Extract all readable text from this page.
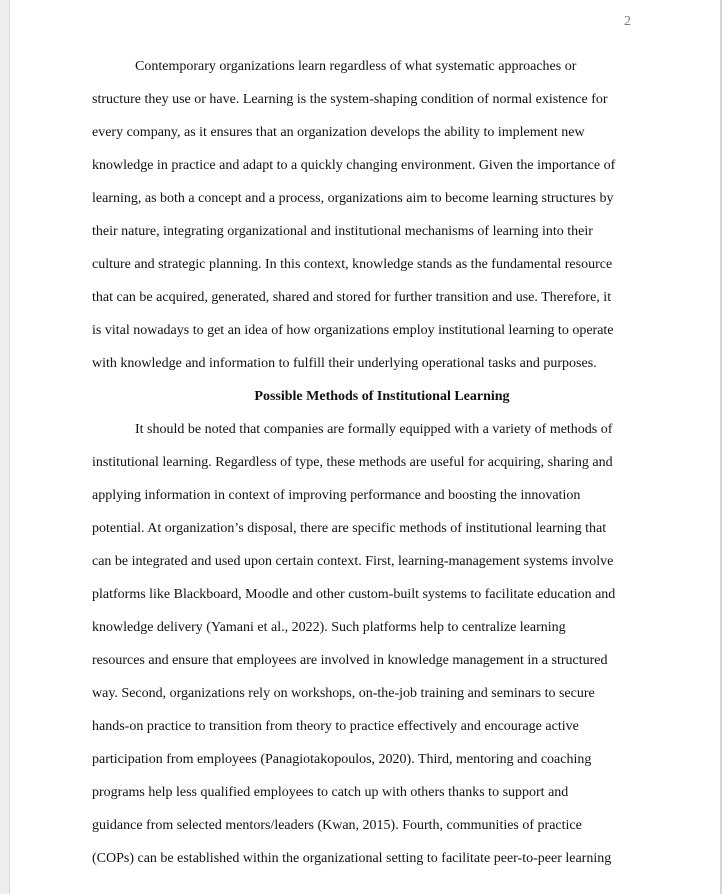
2
Contemporary organizations learn regardless of what systematic approaches or
structure they use or have. Learning is the system-shaping condition of normal existence for
every company, as it ensures that an organization develops the ability to implement new
knowledge in practice and adapt to a quickly changing environment. Given the importance of
learning, as both a concept and a process, organizations aim to become learning structures by
their nature, integrating organizational and institutional mechanisms of learning into their
culture and strategic planning. In this context, knowledge stands as the fundamental resource
that can be acquired, generated, shared and stored for further transition and use. Therefore, it
is vital nowadays to get an idea of how organizations employ institutional learning to operate
with knowledge and information to fulfill their underlying operational tasks and purposes.
Possible Methods of Institutional Learning
It should be noted that companies are formally equipped with a variety of methods of
institutional learning. Regardless of type, these methods are useful for acquiring, sharing and
applying information in context of improving performance and boosting the innovation
potential. At organization’s disposal, there are specific methods of institutional learning that
can be integrated and used upon certain context. First, learning-management systems involve
platforms like Blackboard, Moodle and other custom-built systems to facilitate education and
knowledge delivery (Yamani et al., 2022). Such platforms help to centralize learning
resources and ensure that employees are involved in knowledge management in a structured
way. Second, organizations rely on workshops, on-the-job training and seminars to secure
hands-on practice to transition from theory to practice effectively and encourage active
participation from employees (Panagiotakopoulos, 2020). Third, mentoring and coaching
programs help less qualified employees to catch up with others thanks to support and
guidance from selected mentors/leaders (Kwan, 2015). Fourth, communities of practice
(COPs) can be established within the organizational setting to facilitate peer-to-peer learning
